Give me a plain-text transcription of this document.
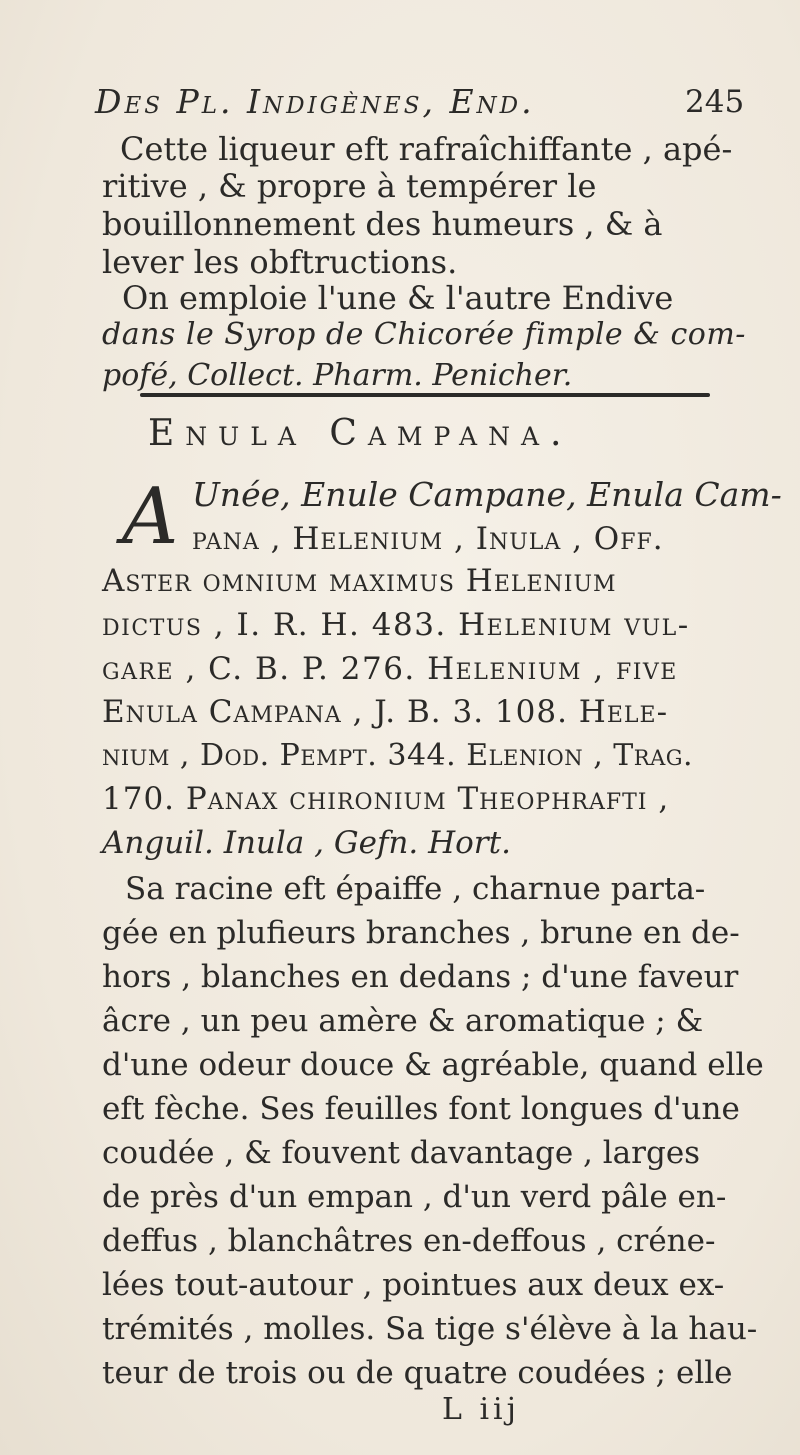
Des Pl. Indigènes, End.	245
Cette liqueur eft rafraîchiffante , apé-
ritive , & propre à tempérer le
bouillonnement des humeurs , & à
lever les obftructions.
On emploie l'une & l'autre Endive
dans le Syrop de Chicorée fimple & com-
pofé, Collect. Pharm. Penicher.
Enula Campana.
A Unée, Enule Campane, Enula Cam-
pana , Helenium , Inula , Off.
Aster omnium maximus Helenium
dictus , I. R. H. 483. Helenium vul-
gare , C. B. P. 276. Helenium , five
Enula Campana , J. B. 3. 108. Hele-
nium , Dod. Pempt. 344. Elenion , Trag.
170. Panax chironium Theophrafti ,
Anguil. Inula , Gefn. Hort.
Sa racine eft épaiffe , charnue parta-
gée en plufieurs branches , brune en de-
hors , blanches en dedans ; d'une faveur
âcre , un peu amère & aromatique ; &
d'une odeur douce & agréable, quand elle
eft fèche. Ses feuilles font longues d'une
coudée , & fouvent davantage , larges
de près d'un empan , d'un verd pâle en-
deffus , blanchâtres en-deffous , créne-
lées tout-autour , pointues aux deux ex-
trémités , molles. Sa tige s'élève à la hau-
teur de trois ou de quatre coudées ; elle
L iij
